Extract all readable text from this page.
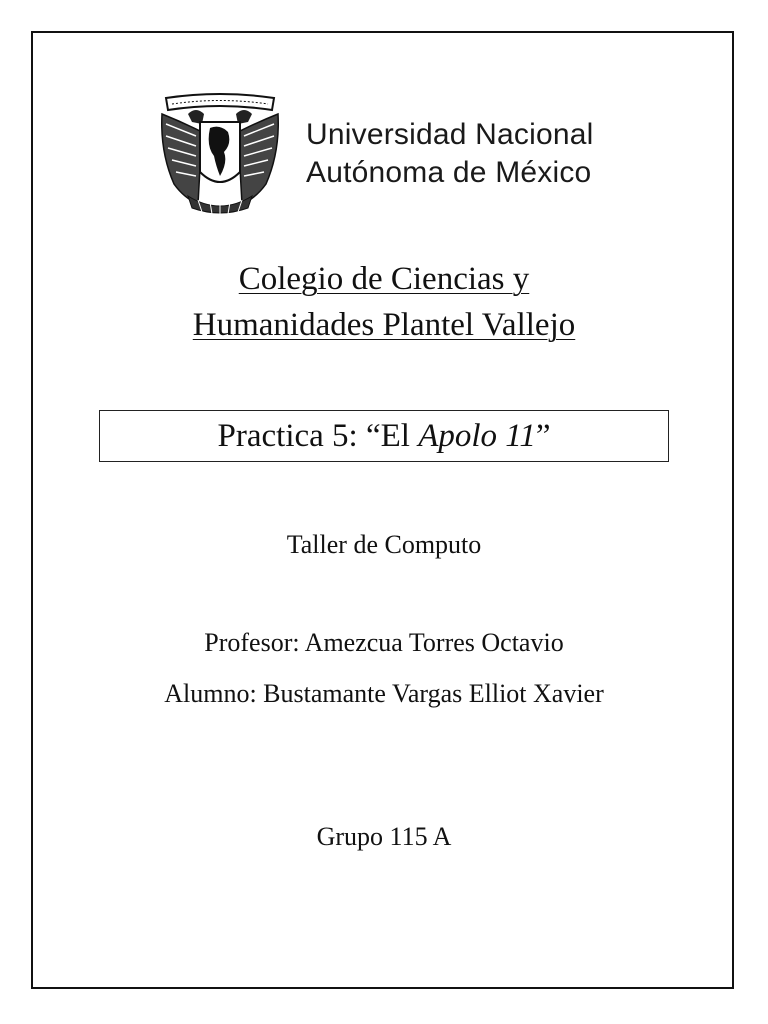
Universidad Nacional
Autónoma de México
Colegio de Ciencias y
Humanidades Plantel Vallejo
Practica 5: “El Apolo 11”
Taller de Computo
Profesor: Amezcua Torres Octavio
Alumno: Bustamante Vargas Elliot Xavier
Grupo 115 A
